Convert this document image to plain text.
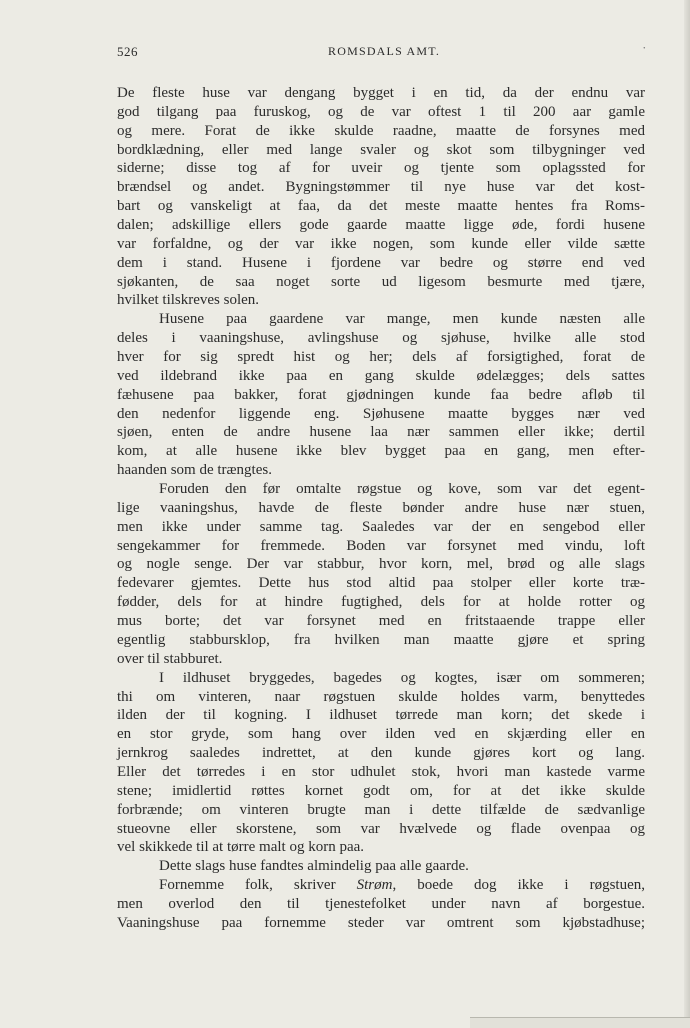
526	ROMSDALS AMT.	·
De fleste huse var dengang bygget i en tid, da der endnu var
god tilgang paa furuskog, og de var oftest 1 til 200 aar gamle
og mere. Forat de ikke skulde raadne, maatte de forsynes med
bordklædning, eller med lange svaler og skot som tilbygninger ved
siderne; disse tog af for uveir og tjente som oplagssted for
brændsel og andet. Bygningstømmer til nye huse var det kost-
bart og vanskeligt at faa, da det meste maatte hentes fra Roms-
dalen; adskillige ellers gode gaarde maatte ligge øde, fordi husene
var forfaldne, og der var ikke nogen, som kunde eller vilde sætte
dem i stand. Husene i fjordene var bedre og større end ved
sjøkanten, de saa noget sorte ud ligesom besmurte med tjære,
hvilket tilskreves solen.
Husene paa gaardene var mange, men kunde næsten alle
deles i vaaningshuse, avlingshuse og sjøhuse, hvilke alle stod
hver for sig spredt hist og her; dels af forsigtighed, forat de
ved ildebrand ikke paa en gang skulde ødelægges; dels sattes
fæhusene paa bakker, forat gjødningen kunde faa bedre afløb til
den nedenfor liggende eng. Sjøhusene maatte bygges nær ved
sjøen, enten de andre husene laa nær sammen eller ikke; dertil
kom, at alle husene ikke blev bygget paa en gang, men efter-
haanden som de trængtes.
Foruden den før omtalte røgstue og kove, som var det egent-
lige vaaningshus, havde de fleste bønder andre huse nær stuen,
men ikke under samme tag. Saaledes var der en sengebod eller
sengekammer for fremmede. Boden var forsynet med vindu, loft
og nogle senge. Der var stabbur, hvor korn, mel, brød og alle slags
fedevarer gjemtes. Dette hus stod altid paa stolper eller korte træ-
fødder, dels for at hindre fugtighed, dels for at holde rotter og
mus borte; det var forsynet med en fritstaaende trappe eller
egentlig stabbursklop, fra hvilken man maatte gjøre et spring
over til stabburet.
I ildhuset bryggedes, bagedes og kogtes, især om sommeren;
thi om vinteren, naar røgstuen skulde holdes varm, benyttedes
ilden der til kogning. I ildhuset tørrede man korn; det skede i
en stor gryde, som hang over ilden ved en skjærding eller en
jernkrog saaledes indrettet, at den kunde gjøres kort og lang.
Eller det tørredes i en stor udhulet stok, hvori man kastede varme
stene; imidlertid røttes kornet godt om, for at det ikke skulde
forbrænde; om vinteren brugte man i dette tilfælde de sædvanlige
stueovne eller skorstene, som var hvælvede og flade ovenpaa og
vel skikkede til at tørre malt og korn paa.
Dette slags huse fandtes almindelig paa alle gaarde.
Fornemme folk, skriver Strøm, boede dog ikke i røgstuen,
men overlod den til tjenestefolket under navn af borgestue.
Vaaningshuse paa fornemme steder var omtrent som kjøbstadhuse;
